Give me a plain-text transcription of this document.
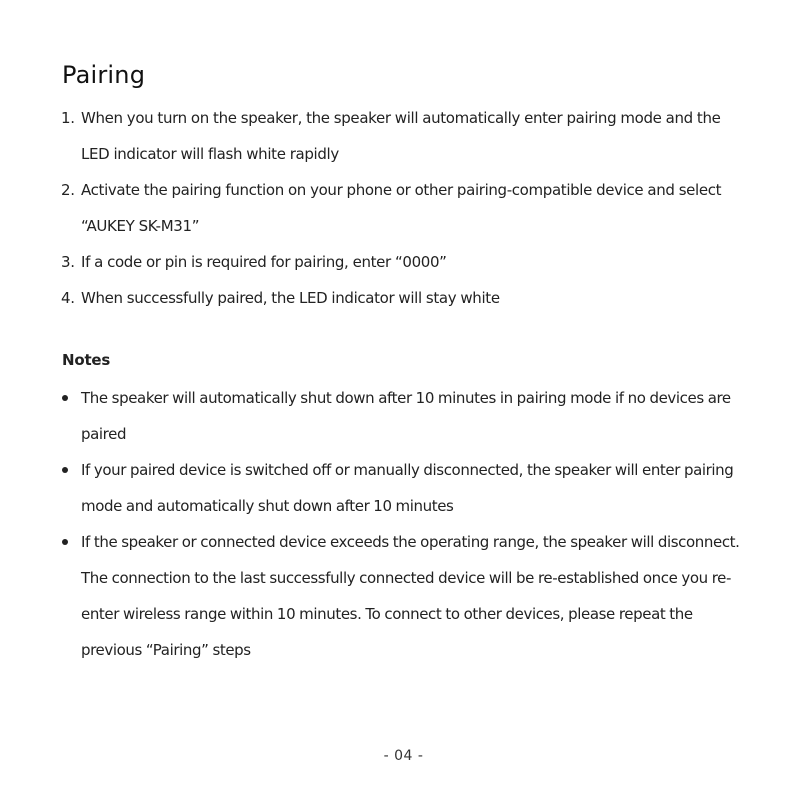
Pairing
1. When you turn on the speaker, the speaker will automatically enter pairing mode and the LED indicator will flash white rapidly
2. Activate the pairing function on your phone or other pairing-compatible device and select “AUKEY SK-M31”
3. If a code or pin is required for pairing, enter “0000”
4. When successfully paired, the LED indicator will stay white
Notes
The speaker will automatically shut down after 10 minutes in pairing mode if no devices are paired
If your paired device is switched off or manually disconnected, the speaker will enter pairing mode and automatically shut down after 10 minutes
If the speaker or connected device exceeds the operating range, the speaker will disconnect. The connection to the last successfully connected device will be re-established once you re-enter wireless range within 10 minutes. To connect to other devices, please repeat the previous “Pairing” steps
- 04 -
